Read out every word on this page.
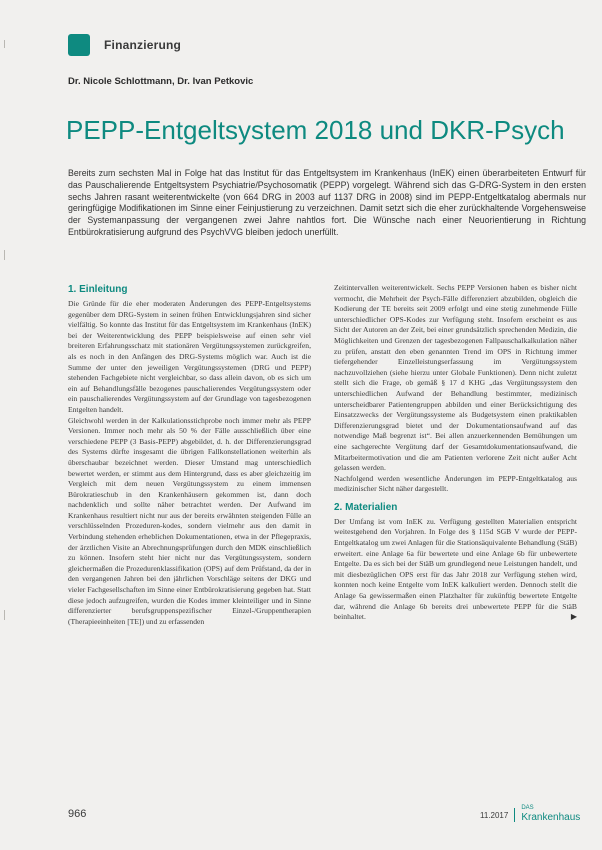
Finanzierung
Dr. Nicole Schlottmann, Dr. Ivan Petkovic
PEPP-Entgeltsystem 2018 und DKR-Psych
Bereits zum sechsten Mal in Folge hat das Institut für das Entgeltsystem im Krankenhaus (InEK) einen überarbeiteten Entwurf für das Pauschalierende Entgeltsystem Psychiatrie/Psychosomatik (PEPP) vorgelegt. Während sich das G-DRG-System in den ersten sechs Jahren rasant weiterentwickelte (von 664 DRG in 2003 auf 1137 DRG in 2008) sind im PEPP-Entgeltkatalog abermals nur geringfügige Modifikationen im Sinne einer Feinjustierung zu verzeichnen. Damit setzt sich die eher zurückhaltende Vorgehensweise der Systemanpassung der vergangenen zwei Jahre nahtlos fort. Die Wünsche nach einer Neuorientierung in Richtung Entbürokratisierung aufgrund des PsychVVG bleiben jedoch unerfüllt.
1. Einleitung

Die Gründe für die eher moderaten Änderungen des PEPP-Entgeltsystems gegenüber dem DRG-System in seinen frühen Entwicklungsjahren sind sicher vielfältig. So konnte das Institut für das Entgeltsystem im Krankenhaus (InEK) bei der Weiterentwicklung des PEPP beispielsweise auf einen sehr viel breiteren Erfahrungsschatz mit stationären Vergütungssystemen zurückgreifen, als es noch in den Anfängen des DRG-Systems möglich war. Auch ist die Summe der unter den jeweiligen Vergütungssystemen (DRG und PEPP) stehenden Fachgebiete nicht vergleichbar, so dass allein davon, ob es sich um ein auf Behandlungsfälle bezogenes pauschalierendes Vergütungssystem oder ein pauschalierendes Vergütungssystem auf der Grundlage von tagesbezogenen Entgelten handelt.

Gleichwohl werden in der Kalkulationsstichprobe noch immer mehr als PEPP Versionen. Immer noch mehr als 50 % der Fälle ausschließlich über eine verschiedene PEPP (3 Basis-PEPP) abgebildet, d. h. der Differenzierungsgrad des Systems dürfte insgesamt die übrigen Fallkonstellationen weiterhin als überschaubar bezeichnet werden. Dieser Umstand mag unterschiedlich bewertet werden, er stimmt aus dem Hintergrund, dass es aber gleichzeitig im Vergleich mit dem neuen Vergütungssystem zu einem immensen Bürokratieschub in den Krankenhäusern gekommen ist, dann doch nachdenklich und sollte näher betrachtet werden. Der Aufwand im Krankenhaus resultiert nicht nur aus der bereits erwähnten steigenden Fülle an verschlüsselnden Prozeduren-kodes, sondern vielmehr aus den damit in Verbindung stehenden erheblichen Dokumentationen, etwa in der Pflegepraxis, der ärztlichen Visite an Abrechnungsprüfungen durch den MDK einschließlich zu können. Insofern steht hier nicht nur das Vergütungssystem, sondern gleichermaßen die Prozedurenklassifikation (OPS) auf dem Prüfstand, da der in den vergangenen Jahren bei den jährlichen Vorschläge seitens der DKG und vieler Fachgesellschaften im Sinne einer Entbürokratisierung gegeben hat. Statt diese jedoch aufzugreifen, wurden die Kodes immer kleinteiliger und in Sinne differenzierter berufsgruppenspezifischer Einzel-/Gruppentherapien (Therapieeinheiten [TE]) und zu erfassenden

Zeitintervallen weiterentwickelt. Sechs PEPP Versionen haben es bisher nicht vermocht, die Mehrheit der Psych-Fälle differenziert abzubilden, obgleich die Kodierung der TE bereits seit 2009 erfolgt und eine stetig zunehmende Fülle unterschiedlicher OPS-Kodes zur Verfügung steht. Insofern erscheint es aus Sicht der Autoren an der Zeit, bei einer grundsätzlich sprechenden Medizin, die Möglichkeiten und Grenzen der tagesbezogenen Fallpauschalkalkulation näher zu prüfen, anstatt den eben genannten Trend im OPS in Richtung immer tiefergehender Einzelleistungserfassung im Vergütungssystem nachzuvollziehen (siehe hierzu unter Globale Funktionen). Denn nicht zuletzt stellt sich die Frage, ob gemäß § 17 d KHG „das Vergütungssystem den unterschiedlichen Aufwand der Behandlung bestimmter, medizinisch unterscheidbarer Patientengruppen abbilden und einer Berücksichtigung des Einsatzzwecks der Vergütungssysteme als Budgetsystem einen praktikablen Differenzierungsgrad bietet und der Dokumentationsaufwand auf das notwendige Maß begrenzt ist“. Bei allen anzuerkennenden Bemühungen um eine sachgerechte Vergütung darf der Gesamtdokumentationsaufwand, die Mitarbeitermotivation und die am Patienten verlorene Zeit nicht außer Acht gelassen werden.

Nachfolgend werden wesentliche Änderungen im PEPP-Entgeltkatalog aus medizinischer Sicht näher dargestellt.

2. Materialien

Der Umfang ist vom InEK zu. Verfügung gestellten Materialien entspricht weitestgehend den Vorjahren. In Folge des § 115d SGB V wurde der PEPP-Entgeltkatalog um zwei Anlagen für die Stationsäquivalente Behandlung (StäB) erweitert. eine Anlage 6a für bewertete und eine Anlage 6b für unbewertete Entgelte. Da es sich bei der StäB um grundlegend neue Leistungen handelt, und mit diesbezüglichen OPS erst für das Jahr 2018 zur Verfügung stehen wird, konnten noch keine Entgelte vom InEK kalkuliert werden. Dennoch stellt die Anlage 6a gewissermaßen einen Platzhalter für zukünftig bewertete Entgelte dar, während die Anlage 6b bereits drei unbewertete PEPP für die StäB beinhaltet.	▶

966	11.2017
DAS
Krankenhaus
